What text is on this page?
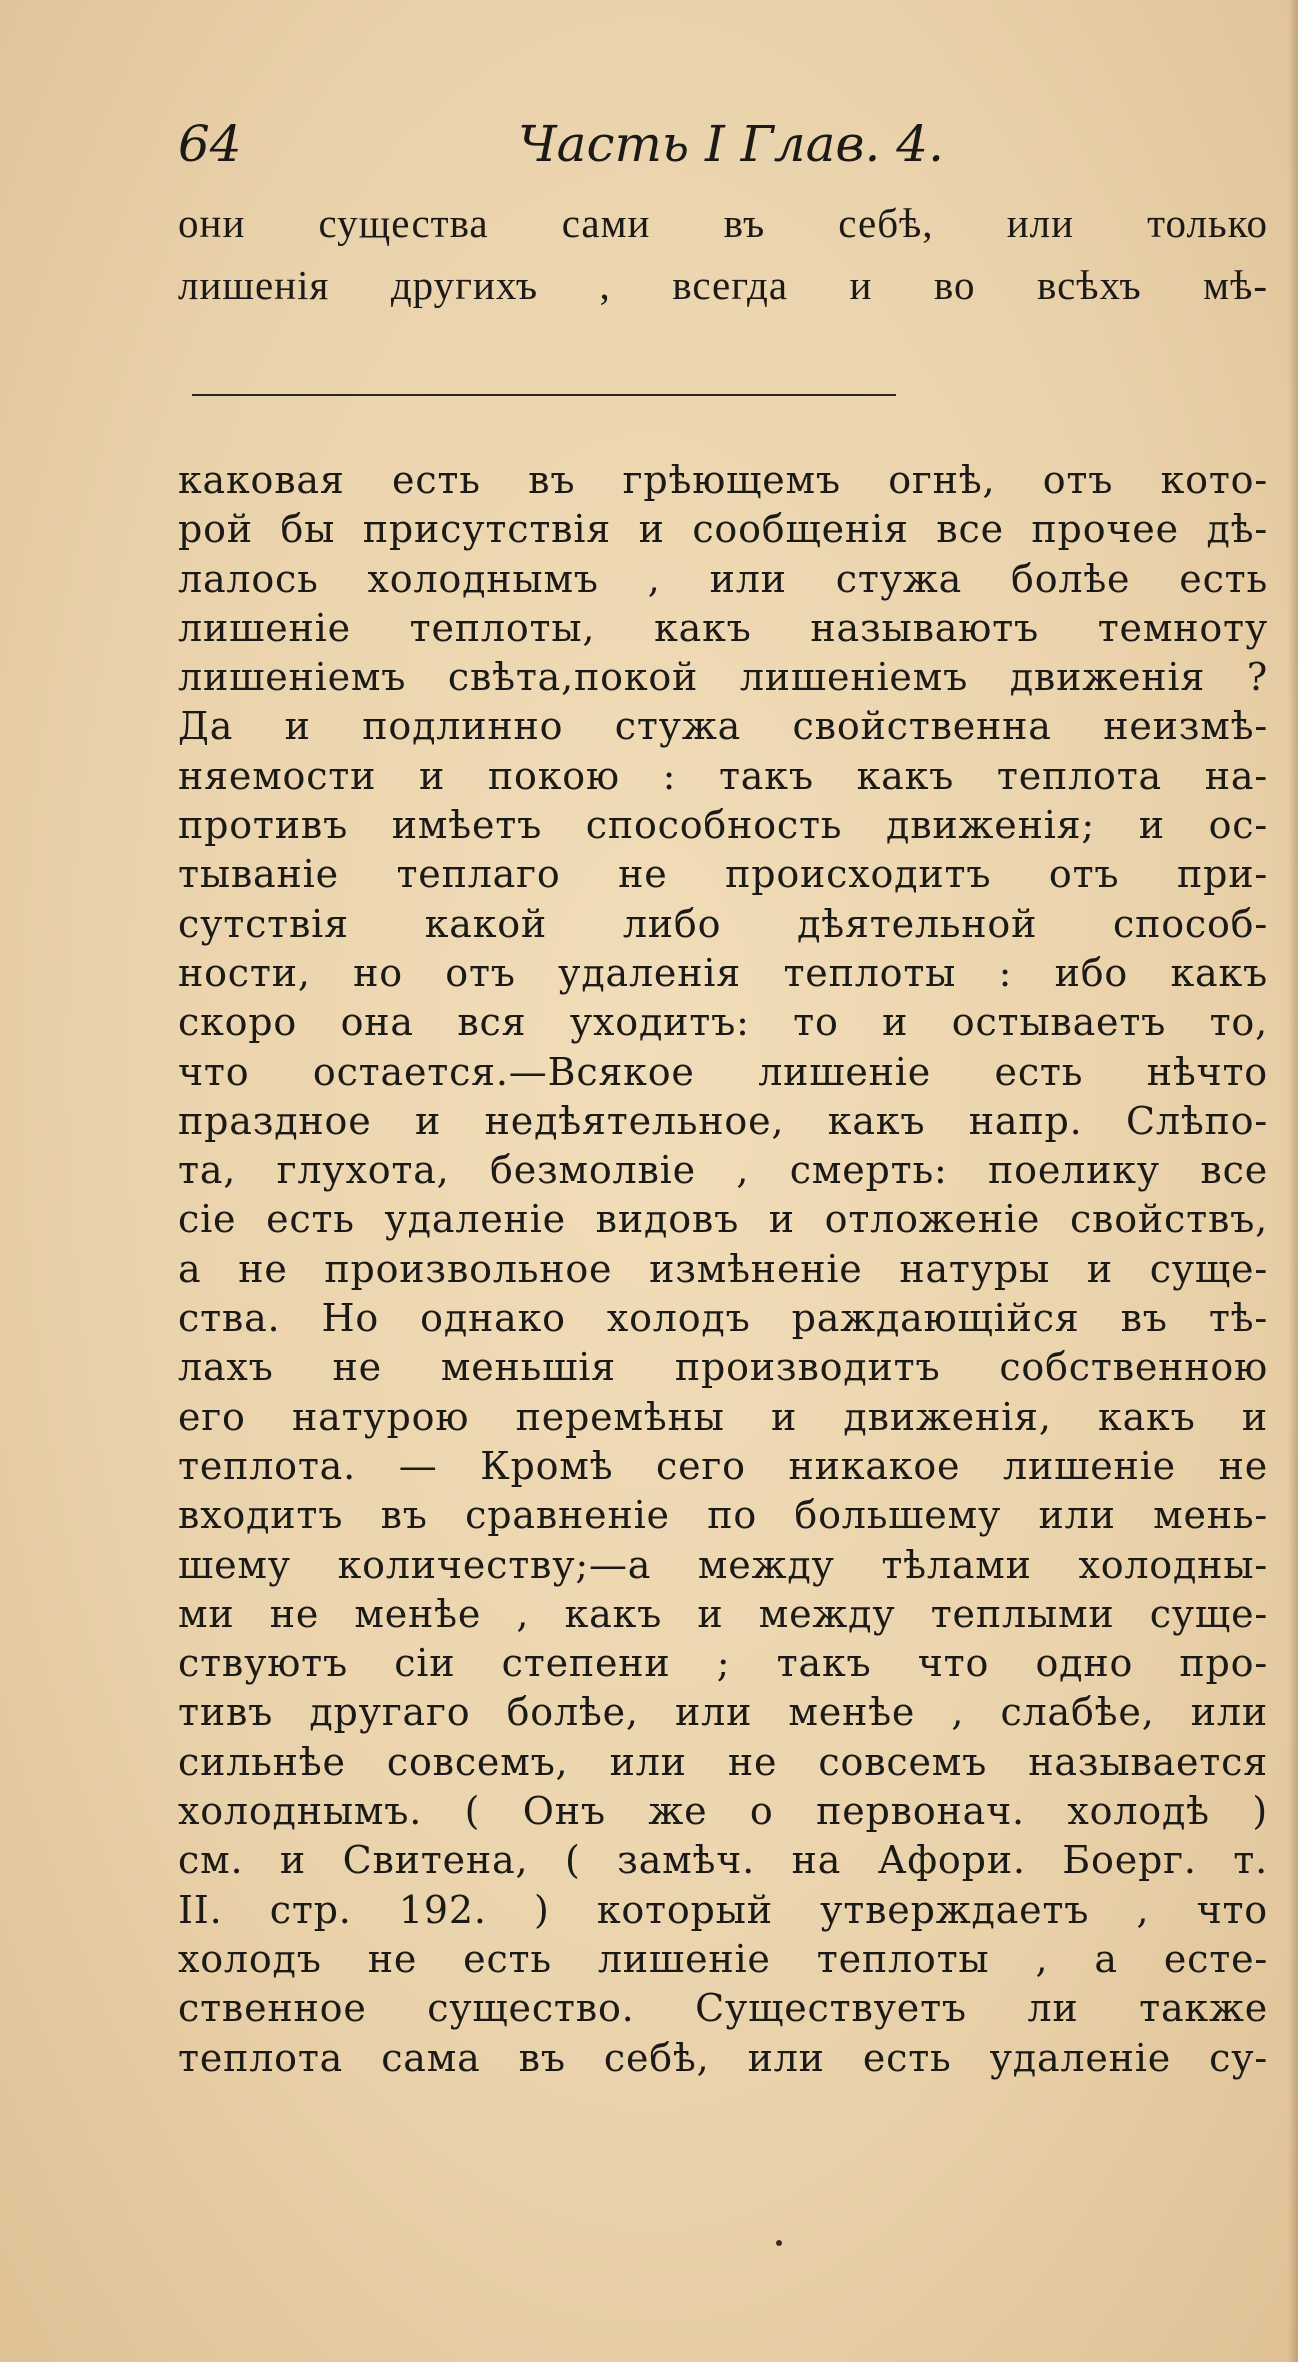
64	Часть I Глав. 4.
они существа сами въ себѣ, или только
лишенія другихъ , всегда и во всѣхъ мѣ-
каковая есть въ грѣющемъ огнѣ, отъ кото-
рой бы присутствія и сообщенія все прочее дѣ-
лалось холоднымъ , или стужа болѣе есть
лишеніе теплоты, какъ называютъ темноту
лишеніемъ свѣта,покой лишеніемъ движенія ?
Да и подлинно стужа свойственна неизмѣ-
няемости и покою : такъ какъ теплота на-
противъ имѣетъ способность движенія; и ос-
тываніе теплаго не происходитъ отъ при-
сутствія какой либо дѣятельной способ-
ности, но отъ удаленія теплоты : ибо какъ
скоро она вся уходитъ: то и остываетъ то,
что остается.—Всякое лишеніе есть нѣчто
праздное и недѣятельное, какъ напр. Слѣпо-
та, глухота, безмолвіе , смерть: поелику все
сіе есть удаленіе видовъ и отложеніе свойствъ,
а не произвольное измѣненіе натуры и суще-
ства. Но однако холодъ раждающійся въ тѣ-
лахъ не меньшія производитъ собственною
его натурою перемѣны и движенія, какъ и
теплота. — Кромѣ сего никакое лишеніе не
входитъ въ сравненіе по большему или мень-
шему количеству;—а между тѣлами холодны-
ми не менѣе , какъ и между теплыми суще-
ствуютъ сіи степени ; такъ что одно про-
тивъ другаго болѣе, или менѣе , слабѣе, или
сильнѣе совсемъ, или не совсемъ называется
холоднымъ. ( Онъ же о первонач. холодѣ )
см. и Свитена, ( замѣч. на Афори. Боерг. т.
II. стр. 192. ) который утверждаетъ , что
холодъ не есть лишеніе теплоты , а есте-
ственное существо. Существуетъ ли также
теплота сама въ себѣ, или есть удаленіе су-
